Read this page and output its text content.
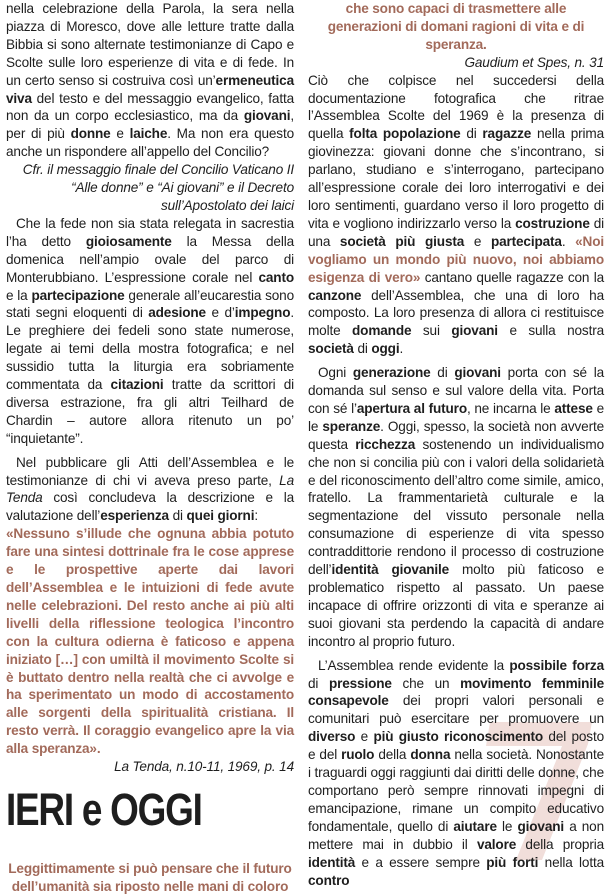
nella celebrazione della Parola, la sera nella piazza di Moresco, dove alle letture tratte dalla Bibbia si sono alternate testimonianze di Capo e Scolte sulle loro esperienze di vita e di fede. In un certo senso si costruiva così un’ermeneutica viva del testo e del messaggio evangelico, fatta non da un corpo ecclesiastico, ma da giovani, per di più donne e laiche. Ma non era questo anche un rispondere all’appello del Concilio?

Cfr. il messaggio finale del Concilio Vaticano II
“Alle donne” e “Ai giovani” e il Decreto
sull’Apostolato dei laici

Che la fede non sia stata relegata in sacrestia l’ha detto gioiosamente la Messa della domenica nell’ampio ovale del parco di Monterubbiano. L’espressione corale nel canto e la partecipazione generale all’eucarestia sono stati segni eloquenti di adesione e d’impegno. Le preghiere dei fedeli sono state numerose, legate ai temi della mostra fotografica; e nel sussidio tutta la liturgia era sobriamente commentata da citazioni tratte da scrittori di diversa estrazione, fra gli altri Teilhard de Chardin – autore allora ritenuto un po’ “inquietante”.

Nel pubblicare gli Atti dell’Assemblea e le testimonianze di chi vi aveva preso parte, La Tenda così concludeva la descrizione e la valutazione dell’esperienza di quei giorni:

«Nessuno s’illude che ognuna abbia potuto fare una sintesi dottrinale fra le cose apprese e le prospettive aperte dai lavori dell’Assemblea e le intuizioni di fede avute nelle celebrazioni. Del resto anche ai più alti livelli della riflessione teologica l’incontro con la cultura odierna è faticoso e appena iniziato […] con umiltà il movimento Scolte si è buttato dentro nella realtà che ci avvolge e ha sperimentato un modo di accostamento alle sorgenti della spiritualità cristiana. Il resto verrà. Il coraggio evangelico apre la via alla speranza».

La Tenda, n.10-11, 1969, p. 14
IERI e OGGI

Leggittimamente si può pensare che il futuro dell’umanità sia riposto nelle mani di coloro

che sono capaci di trasmettere alle generazioni di domani ragioni di vita e di speranza.

Gaudium et Spes, n. 31

Ciò che colpisce nel succedersi della documentazione fotografica che ritrae l’Assemblea Scolte del 1969 è la presenza di quella folta popolazione di ragazze nella prima giovinezza: giovani donne che s’incontrano, si parlano, studiano e s’interrogano, partecipano all’espressione corale dei loro interrogativi e dei loro sentimenti, guardano verso il loro progetto di vita e vogliono indirizzarlo verso la costruzione di una società più giusta e partecipata. «Noi vogliamo un mondo più nuovo, noi abbiamo esigenza di vero» cantano quelle ragazze con la canzone dell’Assemblea, che una di loro ha composto. La loro presenza di allora ci restituisce molte domande sui giovani e sulla nostra società di oggi.

Ogni generazione di giovani porta con sé la domanda sul senso e sul valore della vita. Porta con sé l’apertura al futuro, ne incarna le attese e le speranze. Oggi, spesso, la società non avverte questa ricchezza sostenendo un individualismo che non si concilia più con i valori della solidarietà e del riconoscimento dell’altro come simile, amico, fratello. La frammentarietà culturale e la segmentazione del vissuto personale nella consumazione di esperienze di vita spesso contraddittorie rendono il processo di costruzione dell’identità giovanile molto più faticoso e problematico rispetto al passato. Un paese incapace di offrire orizzonti di vita e speranze ai suoi giovani sta perdendo la capacità di andare incontro al proprio futuro.

L’Assemblea rende evidente la possibile forza di pressione che un movimento femminile consapevole dei propri valori personali e comunitari può esercitare per promuovere un diverso e più giusto riconoscimento del posto e del ruolo della donna nella società. Nonostante i traguardi oggi raggiunti dai diritti delle donne, che comportano però sempre rinnovati impegni di emancipazione, rimane un compito educativo fondamentale, quello di aiutare le giovani a non mettere mai in dubbio il valore della propria identità e a essere sempre più forti nella lotta contro
